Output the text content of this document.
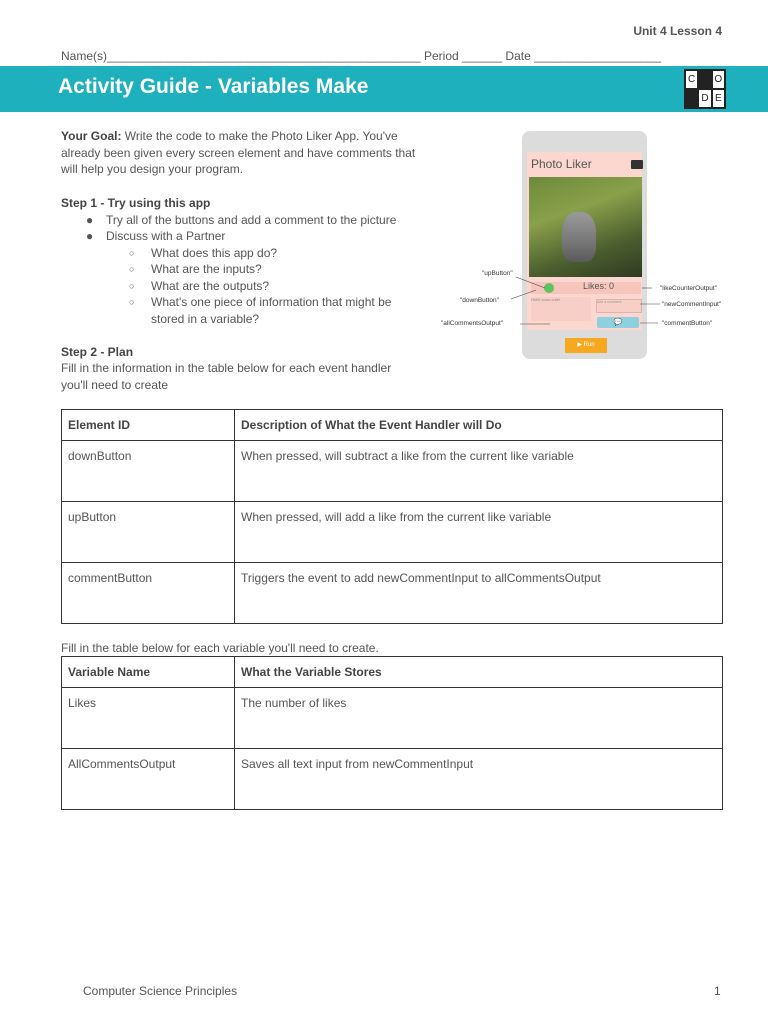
Unit 4 Lesson 4
Name(s)_______________________________________________ Period ______ Date ___________________
Activity Guide - Variables Make	C O
D E
Your Goal: Write the code to make the Photo Liker App. You've already been given every screen element and have comments that will help you design your program.
Step 1 - Try using this app
● Try all of the buttons and add a comment to the picture
● Discuss with a Partner
○ What does this app do?
○ What are the inputs?
○ What are the outputs?
○ What's one piece of information that might be stored in a variable?
Step 2 - Plan
Fill in the information in the table below for each event handler you'll need to create
Photo Liker
Likes: 0
OMG sooo cute!	Add a comment
💬
▶ Run
"upButton"
"downButton"
"allCommentsOutput"
"likeCounterOutput"
"newCommentInput"
"commentButton"
Element ID	Description of What the Event Handler will Do
downButton	When pressed, will subtract a like from the current like variable
upButton	When pressed, will add a like from the current like variable
commentButton	Triggers the event to add newCommentInput to allCommentsOutput
Fill in the table below for each variable you'll need to create.
Variable Name	What the Variable Stores
Likes	The number of likes
AllCommentsOutput	Saves all text input from newCommentInput
Computer Science Principles	1
